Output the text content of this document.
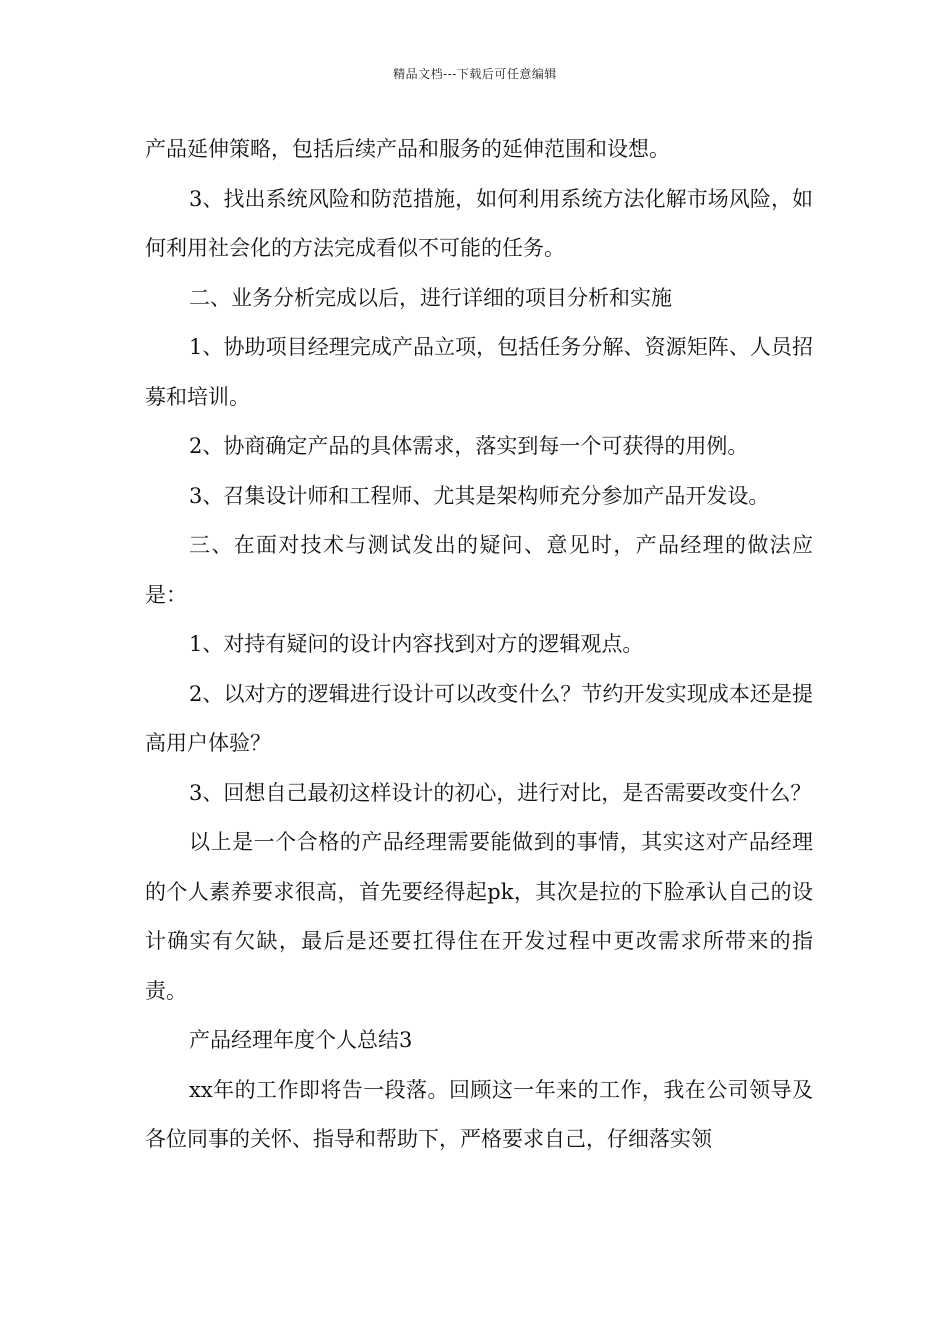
精品文档---下载后可任意编辑

产品延伸策略，包括后续产品和服务的延伸范围和设想。

3、找出系统风险和防范措施，如何利用系统方法化解市场风险，如何利用社会化的方法完成看似不可能的任务。

二、业务分析完成以后，进行详细的项目分析和实施

1、协助项目经理完成产品立项，包括任务分解、资源矩阵、人员招募和培训。

2、协商确定产品的具体需求，落实到每一个可获得的用例。

3、召集设计师和工程师、尤其是架构师充分参加产品开发设。

三、在面对技术与测试发出的疑问、意见时，产品经理的做法应是：

1、对持有疑问的设计内容找到对方的逻辑观点。

2、以对方的逻辑进行设计可以改变什么？节约开发实现成本还是提高用户体验？

3、回想自己最初这样设计的初心，进行对比，是否需要改变什么？

以上是一个合格的产品经理需要能做到的事情，其实这对产品经理的个人素养要求很高，首先要经得起pk，其次是拉的下脸承认自己的设计确实有欠缺，最后是还要扛得住在开发过程中更改需求所带来的指责。

产品经理年度个人总结3

xx年的工作即将告一段落。回顾这一年来的工作，我在公司领导及各位同事的关怀、指导和帮助下，严格要求自己，仔细落实领
